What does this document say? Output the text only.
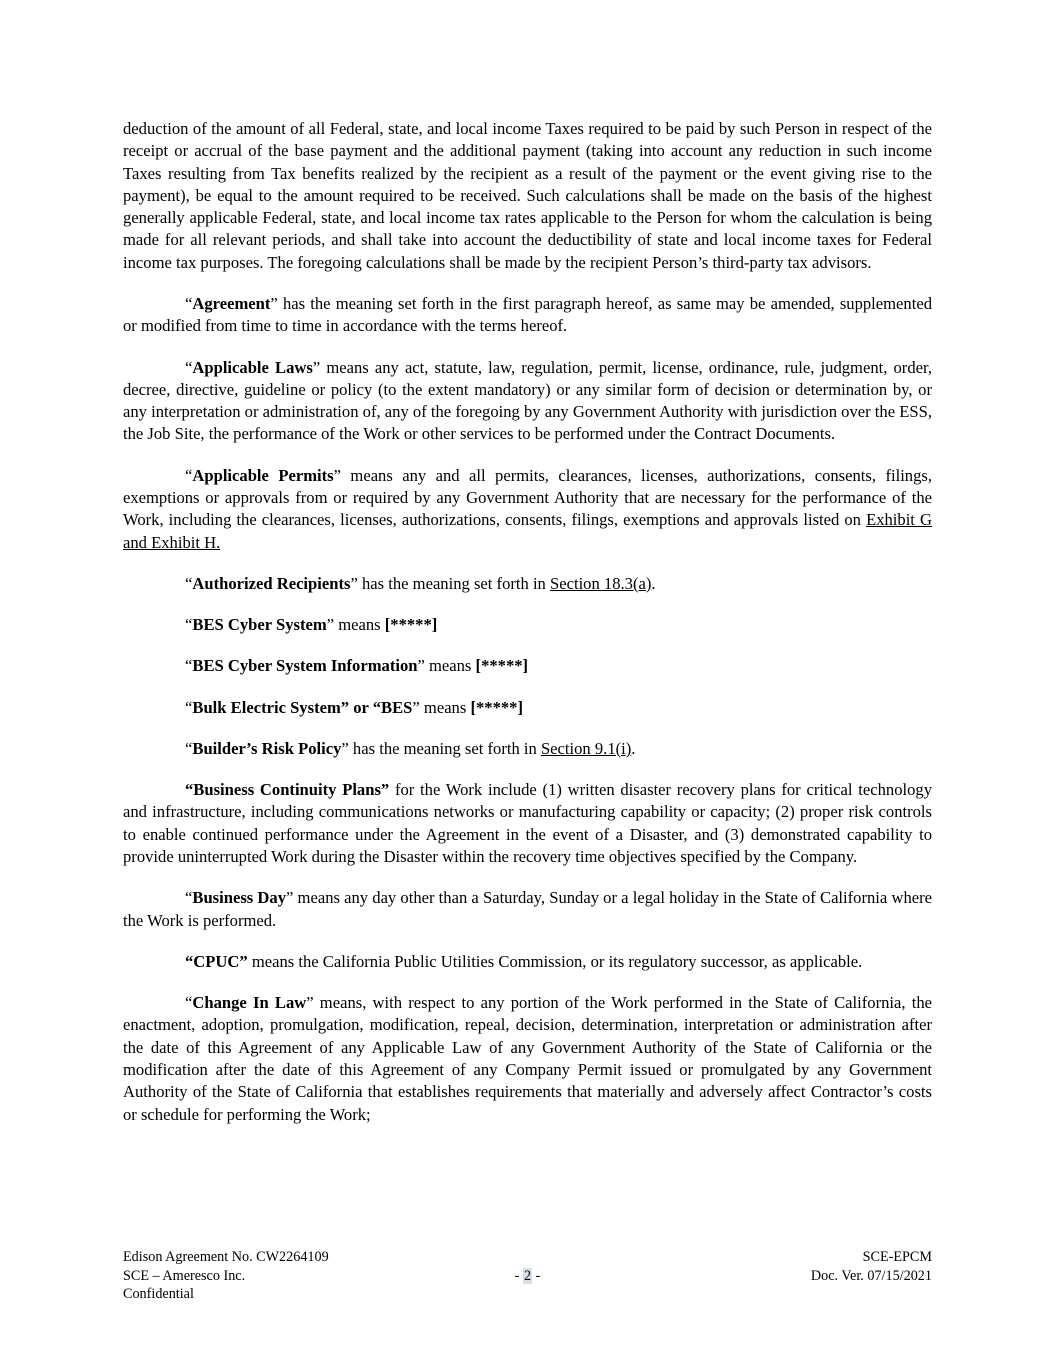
deduction of the amount of all Federal, state, and local income Taxes required to be paid by such Person in respect of the receipt or accrual of the base payment and the additional payment (taking into account any reduction in such income Taxes resulting from Tax benefits realized by the recipient as a result of the payment or the event giving rise to the payment), be equal to the amount required to be received. Such calculations shall be made on the basis of the highest generally applicable Federal, state, and local income tax rates applicable to the Person for whom the calculation is being made for all relevant periods, and shall take into account the deductibility of state and local income taxes for Federal income tax purposes. The foregoing calculations shall be made by the recipient Person’s third-party tax advisors.

“Agreement” has the meaning set forth in the first paragraph hereof, as same may be amended, supplemented or modified from time to time in accordance with the terms hereof.

“Applicable Laws” means any act, statute, law, regulation, permit, license, ordinance, rule, judgment, order, decree, directive, guideline or policy (to the extent mandatory) or any similar form of decision or determination by, or any interpretation or administration of, any of the foregoing by any Government Authority with jurisdiction over the ESS, the Job Site, the performance of the Work or other services to be performed under the Contract Documents.

“Applicable Permits” means any and all permits, clearances, licenses, authorizations, consents, filings, exemptions or approvals from or required by any Government Authority that are necessary for the performance of the Work, including the clearances, licenses, authorizations, consents, filings, exemptions and approvals listed on Exhibit G and Exhibit H.

“Authorized Recipients” has the meaning set forth in Section 18.3(a).

“BES Cyber System” means [*****]

“BES Cyber System Information” means [*****]

“Bulk Electric System” or “BES” means [*****]

“Builder’s Risk Policy” has the meaning set forth in Section 9.1(i).

“Business Continuity Plans” for the Work include (1) written disaster recovery plans for critical technology and infrastructure, including communications networks or manufacturing capability or capacity; (2) proper risk controls to enable continued performance under the Agreement in the event of a Disaster, and (3) demonstrated capability to provide uninterrupted Work during the Disaster within the recovery time objectives specified by the Company.

“Business Day” means any day other than a Saturday, Sunday or a legal holiday in the State of California where the Work is performed.

“CPUC” means the California Public Utilities Commission, or its regulatory successor, as applicable.

“Change In Law” means, with respect to any portion of the Work performed in the State of California, the enactment, adoption, promulgation, modification, repeal, decision, determination, interpretation or administration after the date of this Agreement of any Applicable Law of any Government Authority of the State of California or the modification after the date of this Agreement of any Company Permit issued or promulgated by any Government Authority of the State of California that establishes requirements that materially and adversely affect Contractor’s costs or schedule for performing the Work;

Edison Agreement No. CW2264109
SCE – Ameresco Inc.
Confidential
- 2 -
SCE-EPCM
Doc. Ver. 07/15/2021
